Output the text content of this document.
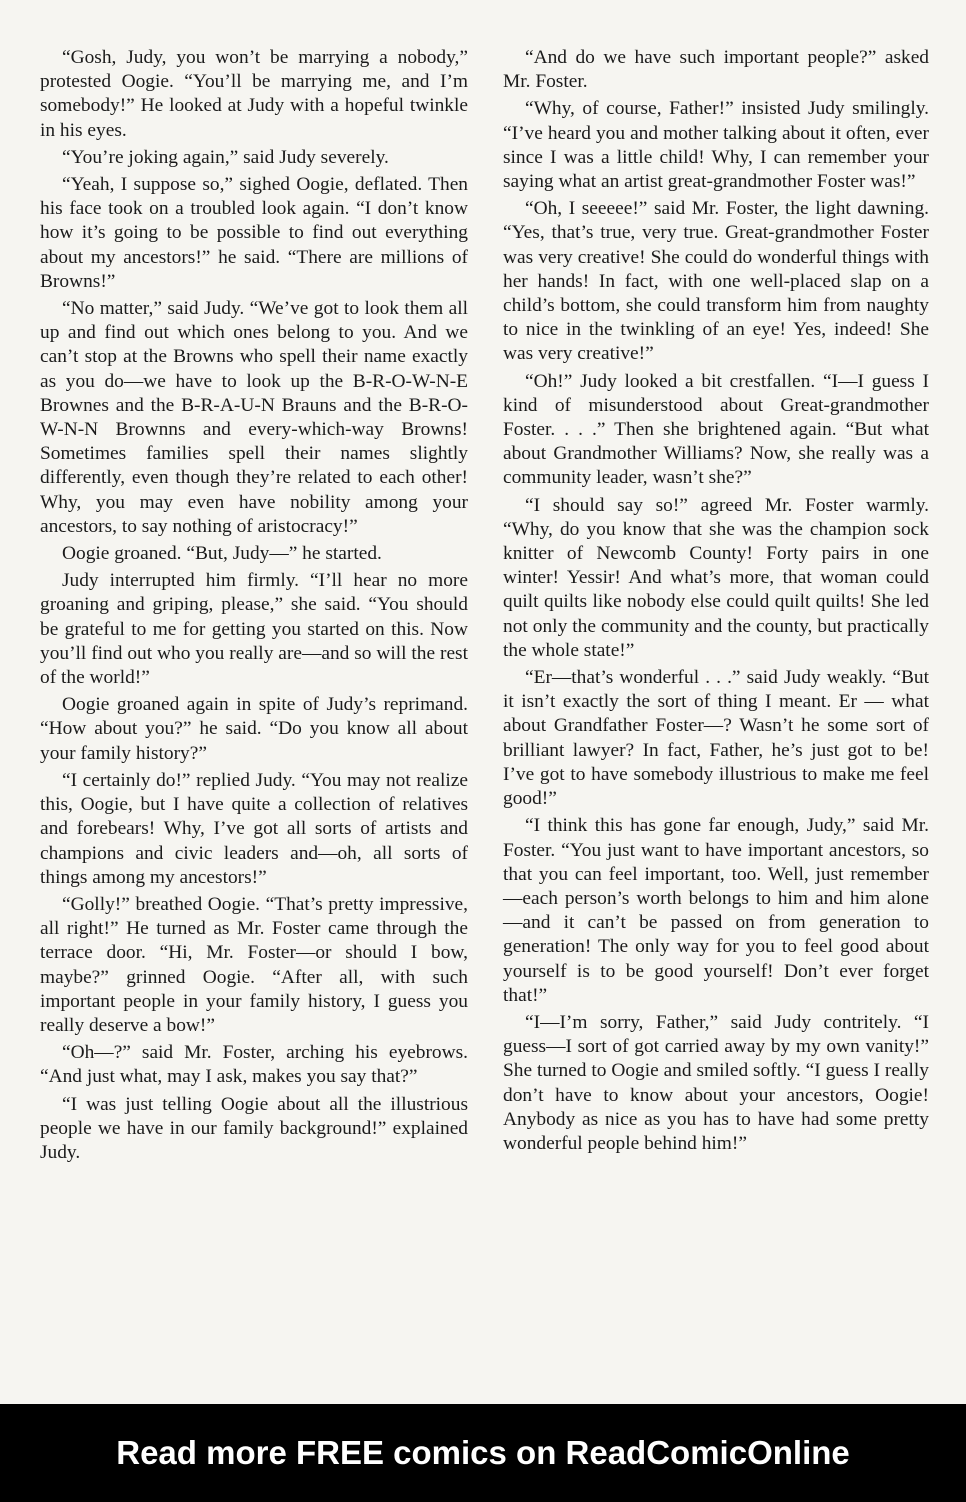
“Gosh, Judy, you won’t be marrying a nobody,” protested Oogie. “You’ll be marrying me, and I’m somebody!” He looked at Judy with a hopeful twinkle in his eyes.

“You’re joking again,” said Judy severely.

“Yeah, I suppose so,” sighed Oogie, deflated. Then his face took on a troubled look again. “I don’t know how it’s going to be possible to find out everything about my ancestors!” he said. “There are millions of Browns!”

“No matter,” said Judy. “We’ve got to look them all up and find out which ones belong to you. And we can’t stop at the Browns who spell their name exactly as you do—we have to look up the B-R-O-W-N-E Brownes and the B-R-A-U-N Brauns and the B-R-O-W-N-N Brownns and every-which-way Browns! Sometimes families spell their names slightly differently, even though they’re related to each other! Why, you may even have nobility among your ancestors, to say nothing of aristocracy!”

Oogie groaned. “But, Judy—” he started.

Judy interrupted him firmly. “I’ll hear no more groaning and griping, please,” she said. “You should be grateful to me for getting you started on this. Now you’ll find out who you really are—and so will the rest of the world!”

Oogie groaned again in spite of Judy’s reprimand. “How about you?” he said. “Do you know all about your family history?”

“I certainly do!” replied Judy. “You may not realize this, Oogie, but I have quite a collection of relatives and forebears! Why, I’ve got all sorts of artists and champions and civic leaders and—oh, all sorts of things among my ancestors!”

“Golly!” breathed Oogie. “That’s pretty impressive, all right!” He turned as Mr. Foster came through the terrace door. “Hi, Mr. Foster—or should I bow, maybe?” grinned Oogie. “After all, with such important people in your family history, I guess you really deserve a bow!”

“Oh—?” said Mr. Foster, arching his eyebrows. “And just what, may I ask, makes you say that?”

“I was just telling Oogie about all the illustrious people we have in our family background!” explained Judy.

“And do we have such important people?” asked Mr. Foster.

“Why, of course, Father!” insisted Judy smilingly. “I’ve heard you and mother talking about it often, ever since I was a little child! Why, I can remember your saying what an artist great-grandmother Foster was!”

“Oh, I seeeee!” said Mr. Foster, the light dawning. “Yes, that’s true, very true. Great-grandmother Foster was very creative! She could do wonderful things with her hands! In fact, with one well-placed slap on a child’s bottom, she could transform him from naughty to nice in the twinkling of an eye! Yes, indeed! She was very creative!”

“Oh!” Judy looked a bit crestfallen. “I—I guess I kind of misunderstood about Great-grandmother Foster. . . .” Then she brightened again. “But what about Grandmother Williams? Now, she really was a community leader, wasn’t she?”

“I should say so!” agreed Mr. Foster warmly. “Why, do you know that she was the champion sock knitter of Newcomb County! Forty pairs in one winter! Yessir! And what’s more, that woman could quilt quilts like nobody else could quilt quilts! She led not only the community and the county, but practically the whole state!”

“Er—that’s wonderful . . .” said Judy weakly. “But it isn’t exactly the sort of thing I meant. Er — what about Grandfather Foster—? Wasn’t he some sort of brilliant lawyer? In fact, Father, he’s just got to be! I’ve got to have somebody illustrious to make me feel good!”

“I think this has gone far enough, Judy,” said Mr. Foster. “You just want to have important ancestors, so that you can feel important, too. Well, just remember—each person’s worth belongs to him and him alone—and it can’t be passed on from generation to generation! The only way for you to feel good about yourself is to be good yourself! Don’t ever forget that!”

“I—I’m sorry, Father,” said Judy contritely. “I guess—I sort of got carried away by my own vanity!” She turned to Oogie and smiled softly. “I guess I really don’t have to know about your ancestors, Oogie! Anybody as nice as you has to have had some pretty wonderful people behind him!”

Read more FREE comics on ReadComicOnline
